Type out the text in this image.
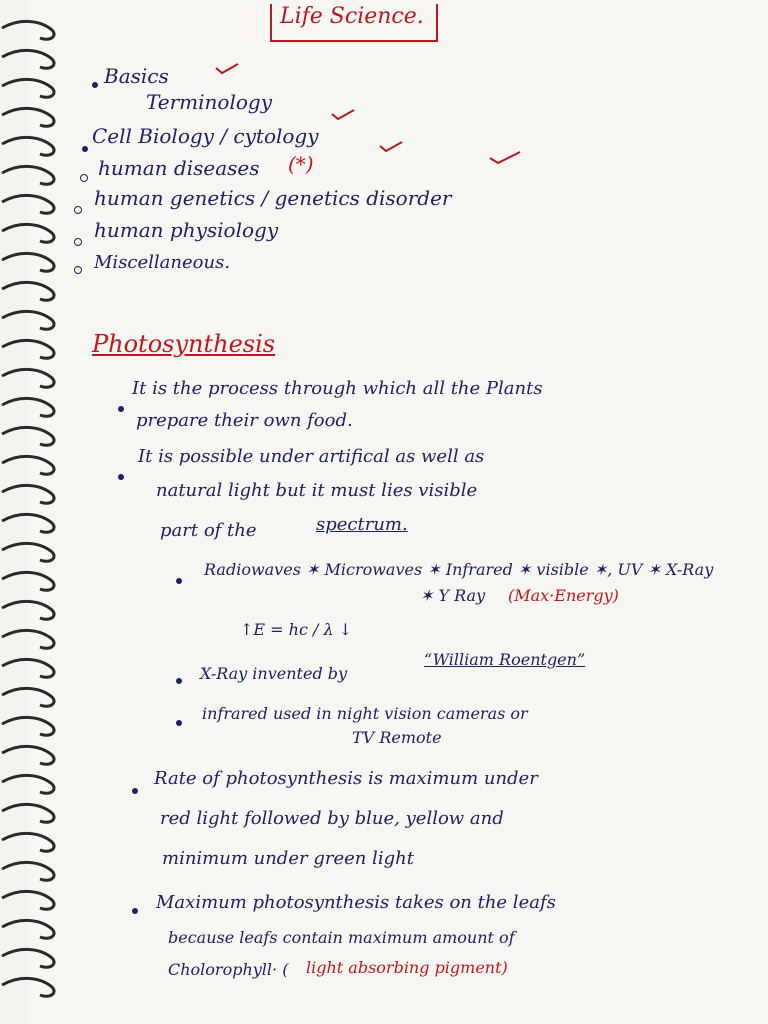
Life Science.
Basics
Terminology
Cell Biology / cytology
human diseases (*)
human genetics / genetics disorder
human physiology
Miscellaneous.
Photosynthesis
It is the process through which all the Plants
prepare their own food.
It is possible under artifical as well as
natural light but it must lies visible
part of the	spectrum.
Radiowaves ✶ Microwaves ✶ Infrared ✶ visible ✶, UV ✶ X-Ray
✶ Y Ray (Max·Energy)
↑E = hc / λ ↓
X-Ray invented by
“William Roentgen”
infrared used in night vision cameras or
TV Remote
Rate of photosynthesis is maximum under
red light followed by blue, yellow and
minimum under green light
Maximum photosynthesis takes on the leafs
because leafs contain maximum amount of
Cholorophyll· ( light absorbing pigment)
